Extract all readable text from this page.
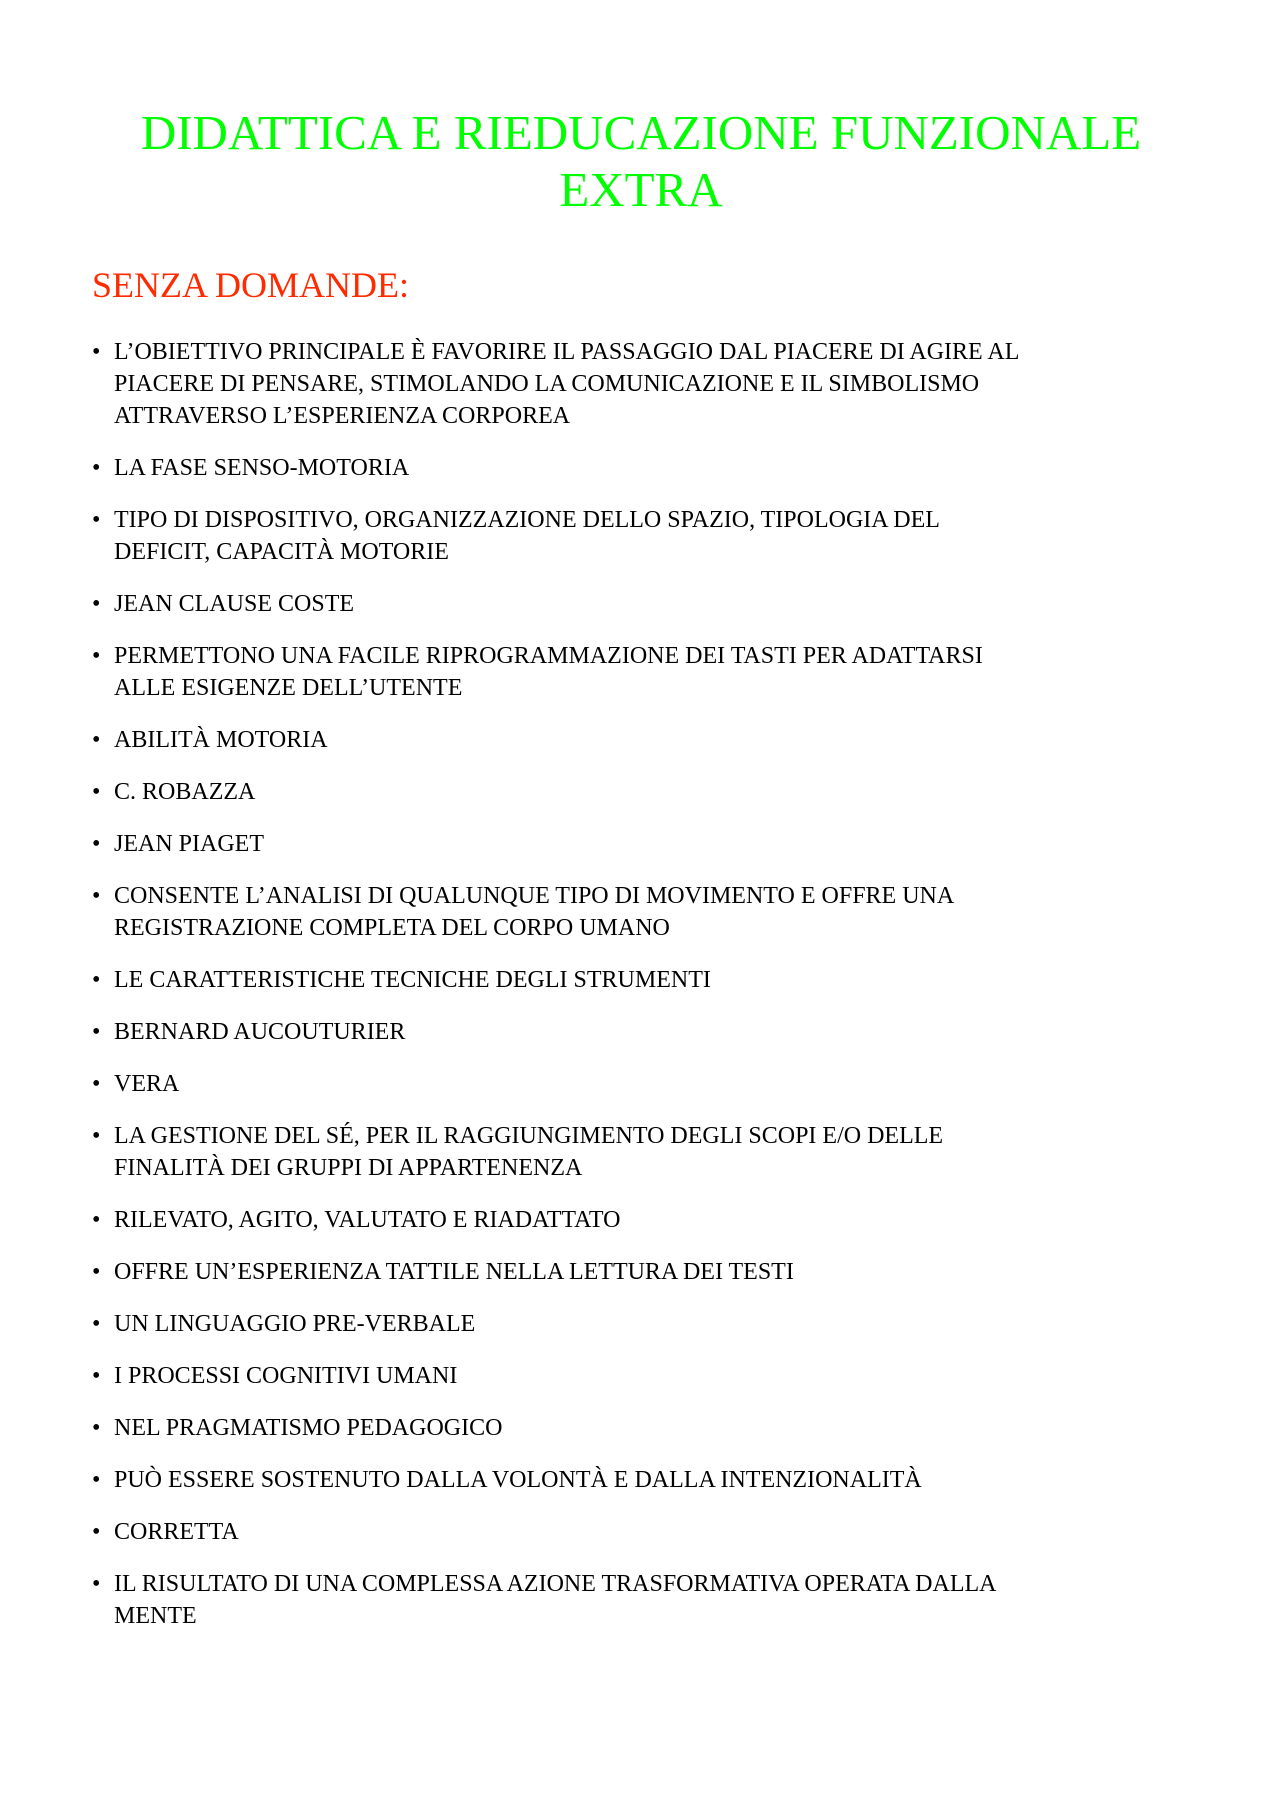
DIDATTICA E RIEDUCAZIONE FUNZIONALE
EXTRA
SENZA DOMANDE:
• L’OBIETTIVO PRINCIPALE È FAVORIRE IL PASSAGGIO DAL PIACERE DI AGIRE AL
PIACERE DI PENSARE, STIMOLANDO LA COMUNICAZIONE E IL SIMBOLISMO
ATTRAVERSO L’ESPERIENZA CORPOREA
• LA FASE SENSO-MOTORIA
• TIPO DI DISPOSITIVO, ORGANIZZAZIONE DELLO SPAZIO, TIPOLOGIA DEL
DEFICIT, CAPACITÀ MOTORIE
• JEAN CLAUSE COSTE
• PERMETTONO UNA FACILE RIPROGRAMMAZIONE DEI TASTI PER ADATTARSI
ALLE ESIGENZE DELL’UTENTE
• ABILITÀ MOTORIA
• C. ROBAZZA
• JEAN PIAGET
• CONSENTE L’ANALISI DI QUALUNQUE TIPO DI MOVIMENTO E OFFRE UNA
REGISTRAZIONE COMPLETA DEL CORPO UMANO
• LE CARATTERISTICHE TECNICHE DEGLI STRUMENTI
• BERNARD AUCOUTURIER
• VERA
• LA GESTIONE DEL SÉ, PER IL RAGGIUNGIMENTO DEGLI SCOPI E/O DELLE
FINALITÀ DEI GRUPPI DI APPARTENENZA
• RILEVATO, AGITO, VALUTATO E RIADATTATO
• OFFRE UN’ESPERIENZA TATTILE NELLA LETTURA DEI TESTI
• UN LINGUAGGIO PRE-VERBALE
• I PROCESSI COGNITIVI UMANI
• NEL PRAGMATISMO PEDAGOGICO
• PUÒ ESSERE SOSTENUTO DALLA VOLONTÀ E DALLA INTENZIONALITÀ
• CORRETTA
• IL RISULTATO DI UNA COMPLESSA AZIONE TRASFORMATIVA OPERATA DALLA
MENTE
